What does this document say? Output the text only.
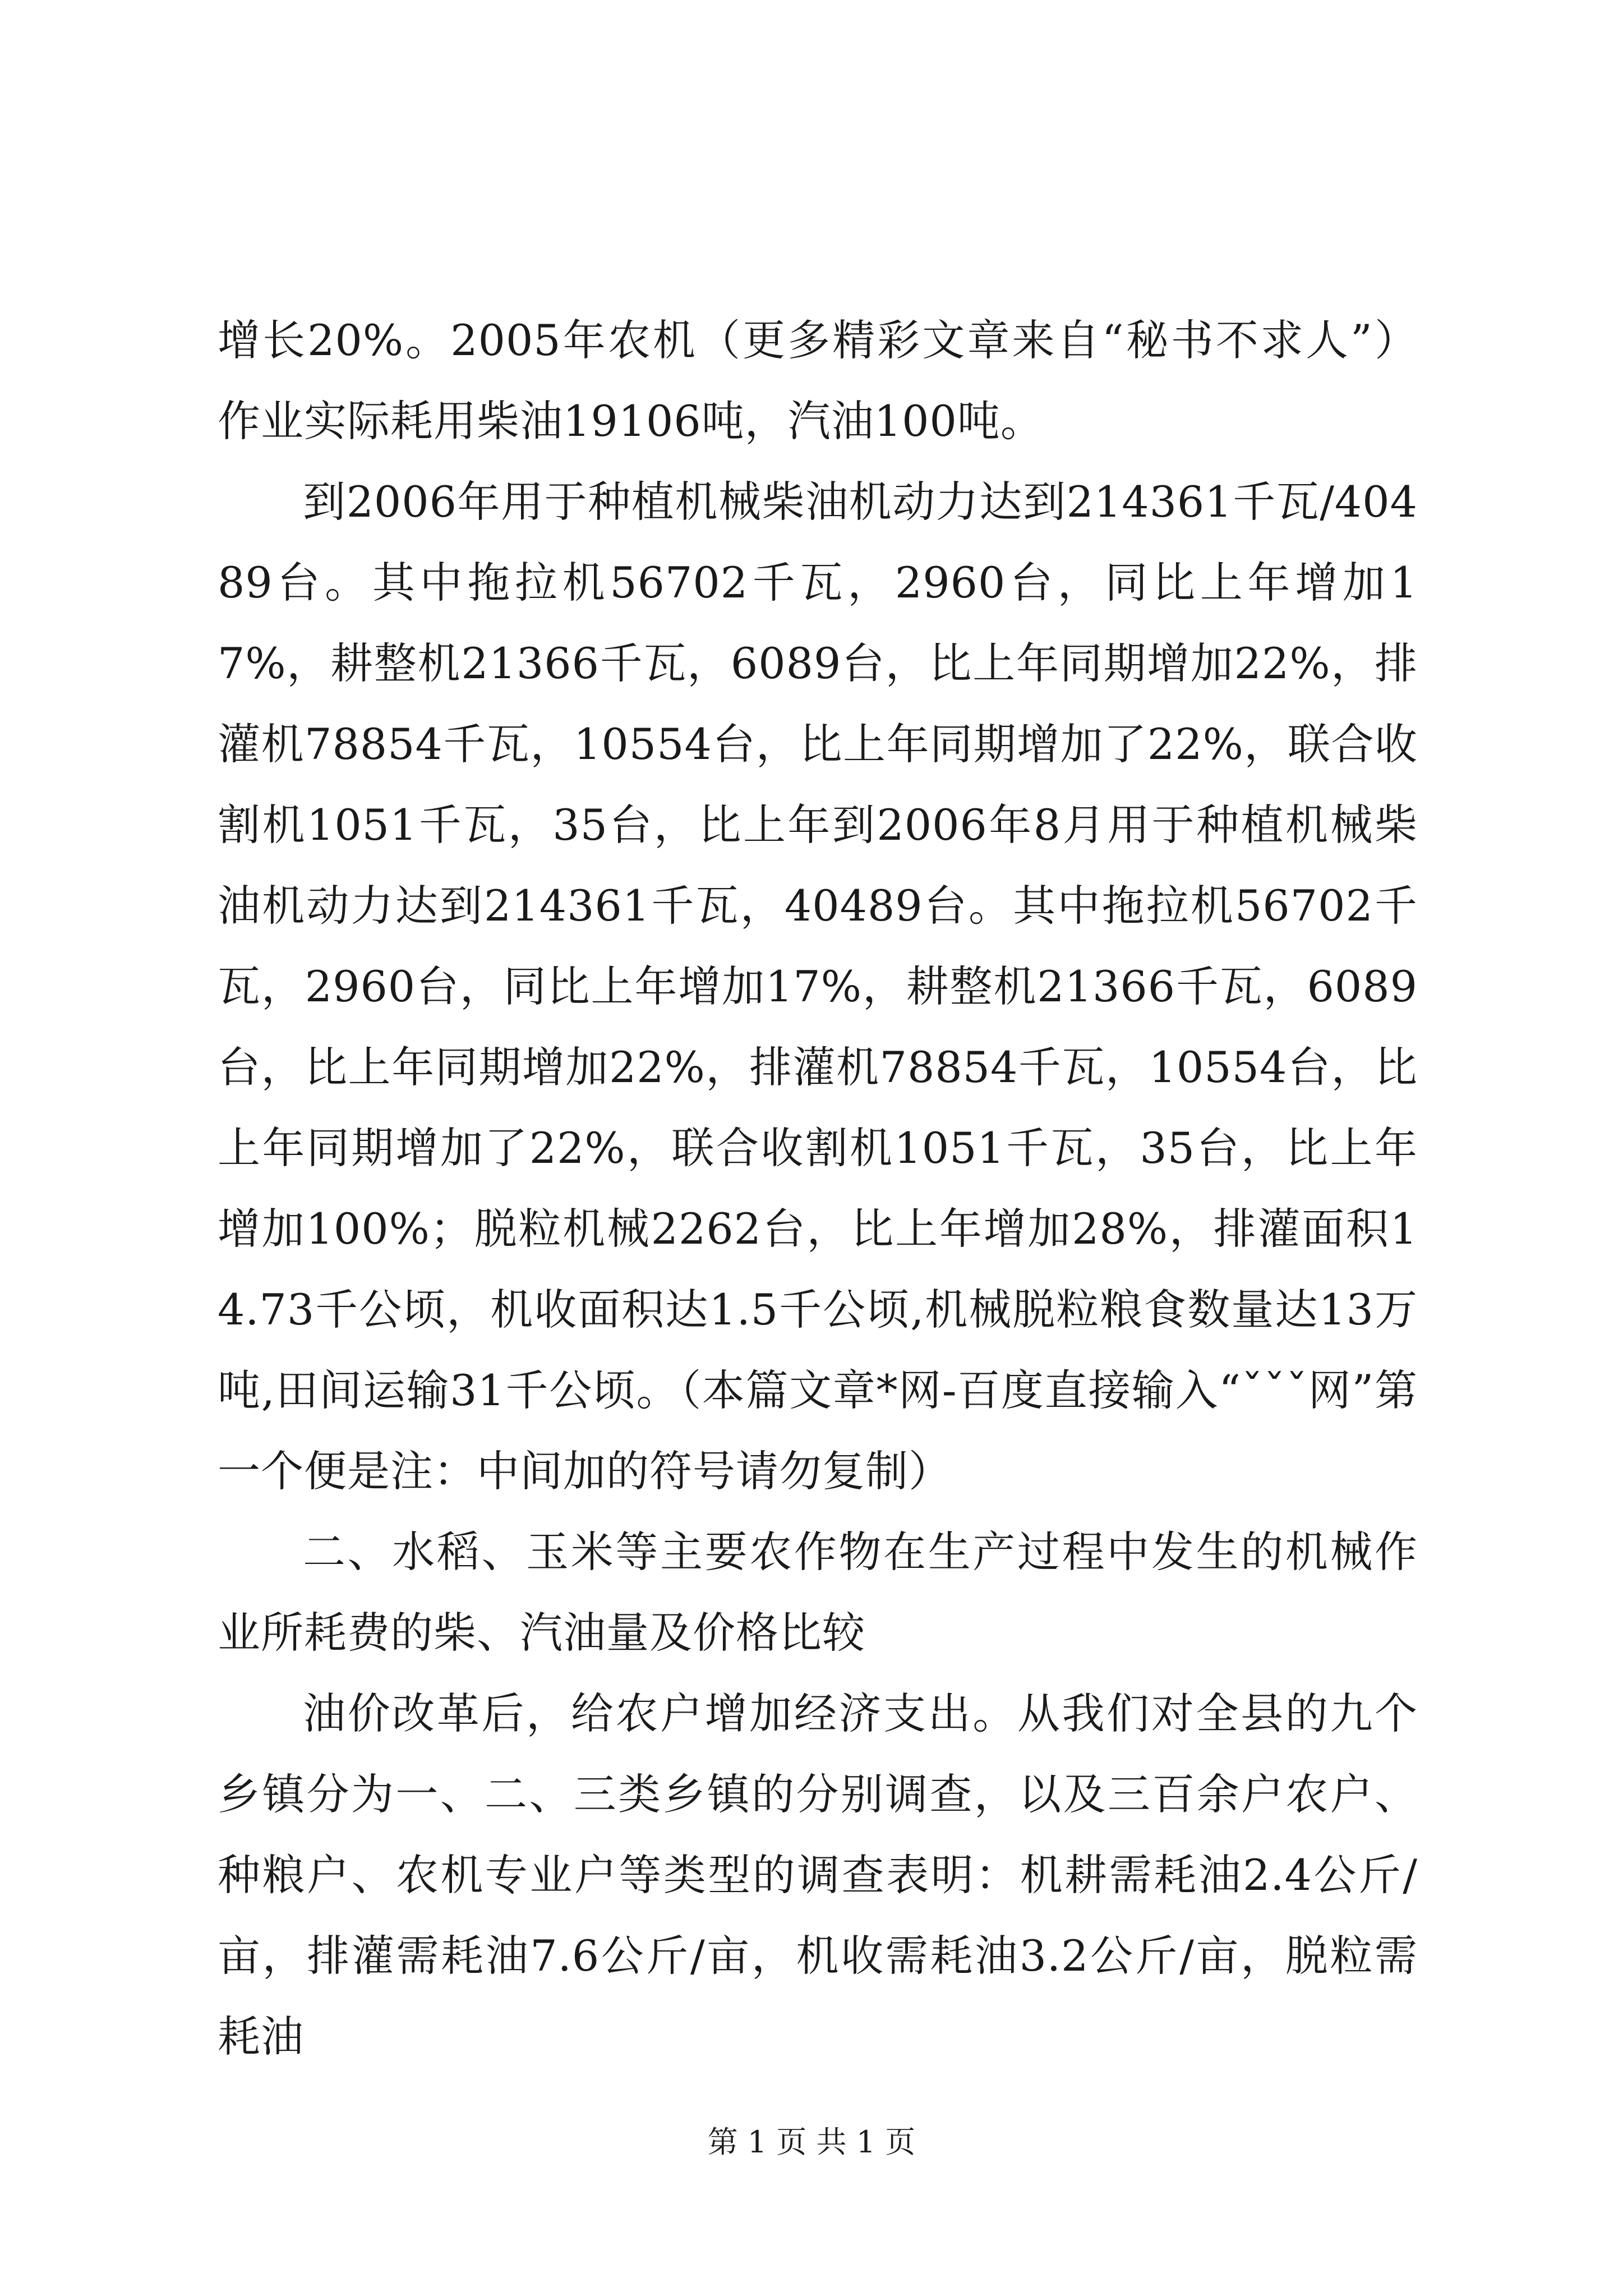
增长20%。2005年农机（更多精彩文章来自“秘书不求人”）作业实际耗用柴油19106吨，汽油100吨。

到2006年用于种植机械柴油机动力达到214361千瓦/40489台。其中拖拉机56702千瓦，2960台，同比上年增加17%，耕整机21366千瓦，6089台，比上年同期增加22%，排灌机78854千瓦，10554台，比上年同期增加了22%，联合收割机1051千瓦，35台，比上年到2006年8月用于种植机械柴油机动力达到214361千瓦，40489台。其中拖拉机56702千瓦，2960台，同比上年增加17%，耕整机21366千瓦，6089台，比上年同期增加22%，排灌机78854千瓦，10554台，比上年同期增加了22%，联合收割机1051千瓦，35台，比上年增加100%；脱粒机械2262台，比上年增加28%，排灌面积14.73千公顷，机收面积达1.5千公顷,机械脱粒粮食数量达13万吨,田间运输31千公顷。（本篇文章*网-百度直接输入“ˇˇˇ网”第一个便是注：中间加的符号请勿复制）

二、水稻、玉米等主要农作物在生产过程中发生的机械作业所耗费的柴、汽油量及价格比较

油价改革后，给农户增加经济支出。从我们对全县的九个乡镇分为一、二、三类乡镇的分别调查，以及三百余户农户、种粮户、农机专业户等类型的调查表明：机耕需耗油2.4公斤/亩，排灌需耗油7.6公斤/亩，机收需耗油3.2公斤/亩，脱粒需耗油

第 1 页 共 1 页
